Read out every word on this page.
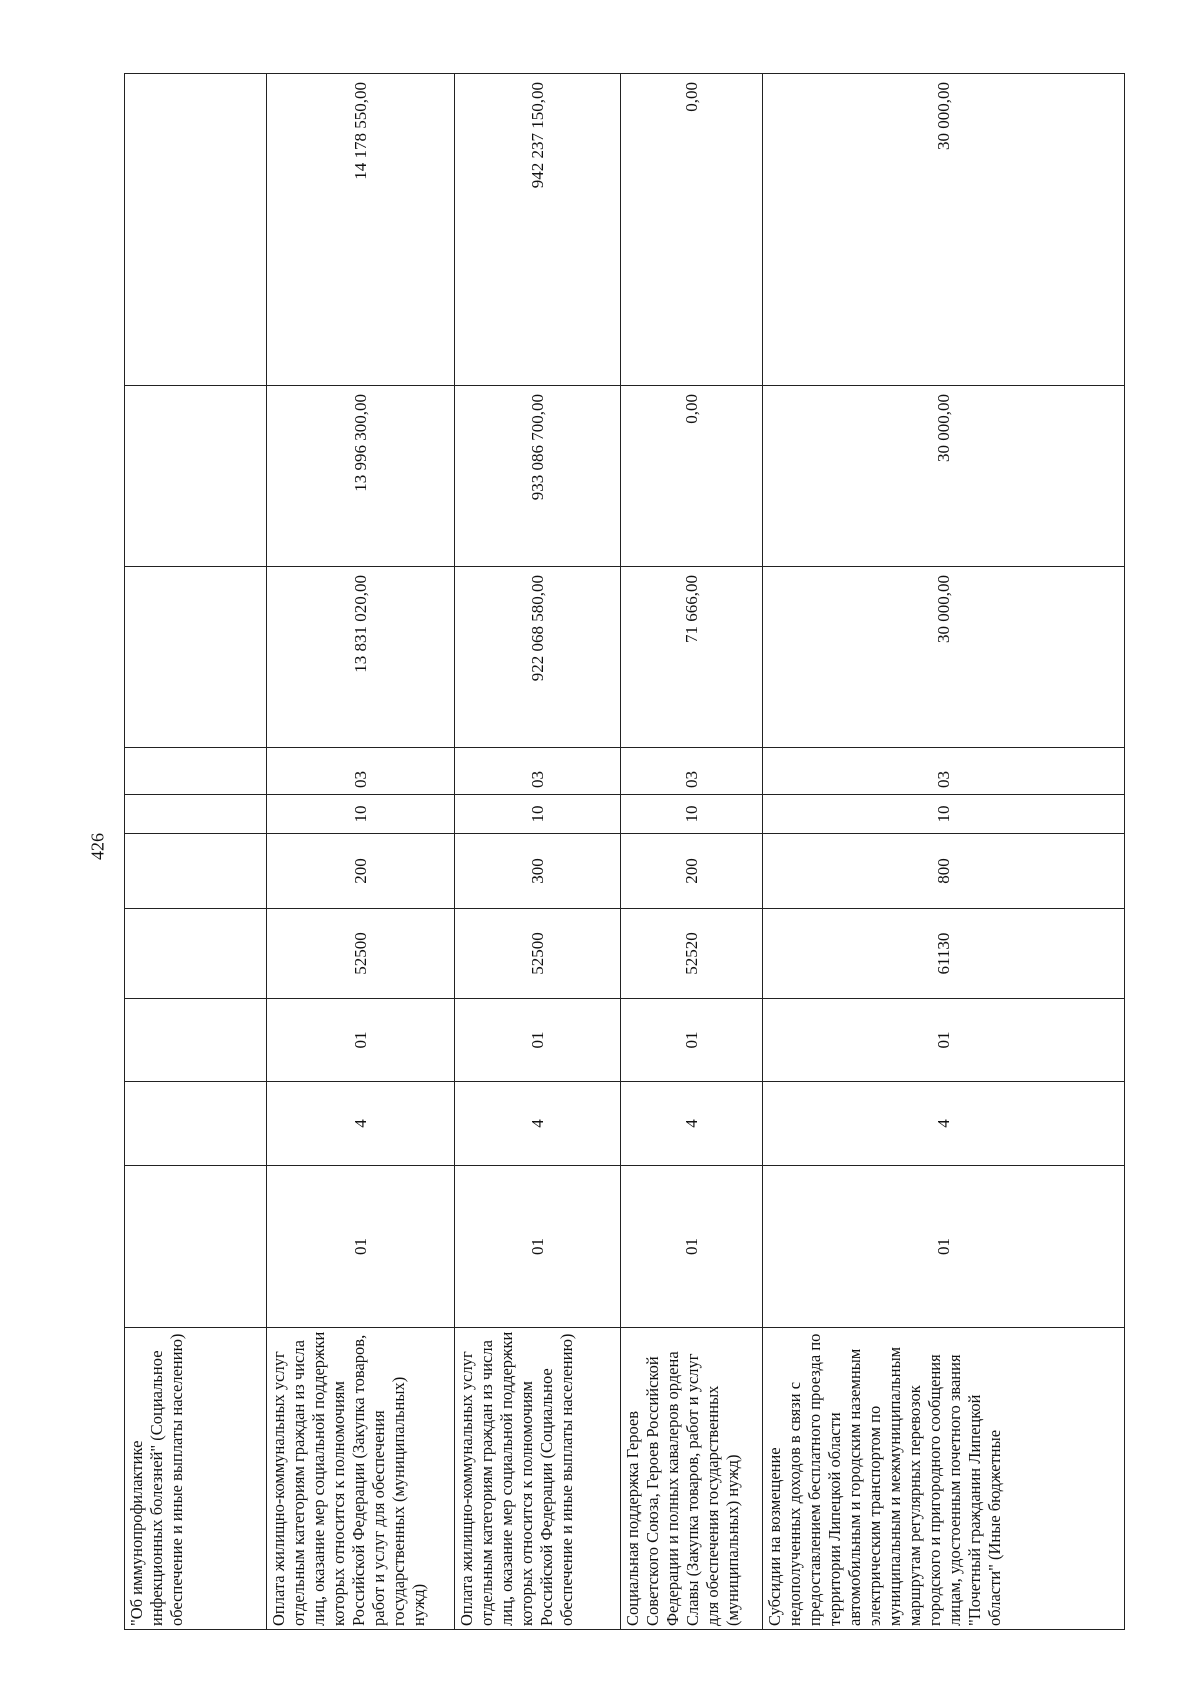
426
"Об иммунопрофилактике инфекционных болезней" (Социальное обеспечение и иные выплаты населению)										
Оплата жилищно-коммунальных услуг отдельным категориям граждан из числа лиц, оказание мер социальной поддержки которых относится к полномочиям Российской Федерации (Закупка товаров, работ и услуг для обеспечения государственных (муниципальных) нужд)	01	4	01	52500	200	10	03	13 831 020,00	13 996 300,00	14 178 550,00
Оплата жилищно-коммунальных услуг отдельным категориям граждан из числа лиц, оказание мер социальной поддержки которых относится к полномочиям Российской Федерации (Социальное обеспечение и иные выплаты населению)	01	4	01	52500	300	10	03	922 068 580,00	933 086 700,00	942 237 150,00
Социальная поддержка Героев Советского Союза, Героев Российской Федерации и полных кавалеров ордена Славы (Закупка товаров, работ и услуг для обеспечения государственных (муниципальных) нужд)	01	4	01	52520	200	10	03	71 666,00	0,00	0,00
Субсидии на возмещение недополученных доходов в связи с предоставлением бесплатного проезда по территории Липецкой области автомобильным и городским наземным электрическим транспортом по муниципальным и межмуниципальным маршрутам регулярных перевозок городского и пригородного сообщения лицам, удостоенным почетного звания "Почетный гражданин Липецкой области" (Иные бюджетные	01	4	01	61130	800	10	03	30 000,00	30 000,00	30 000,00
